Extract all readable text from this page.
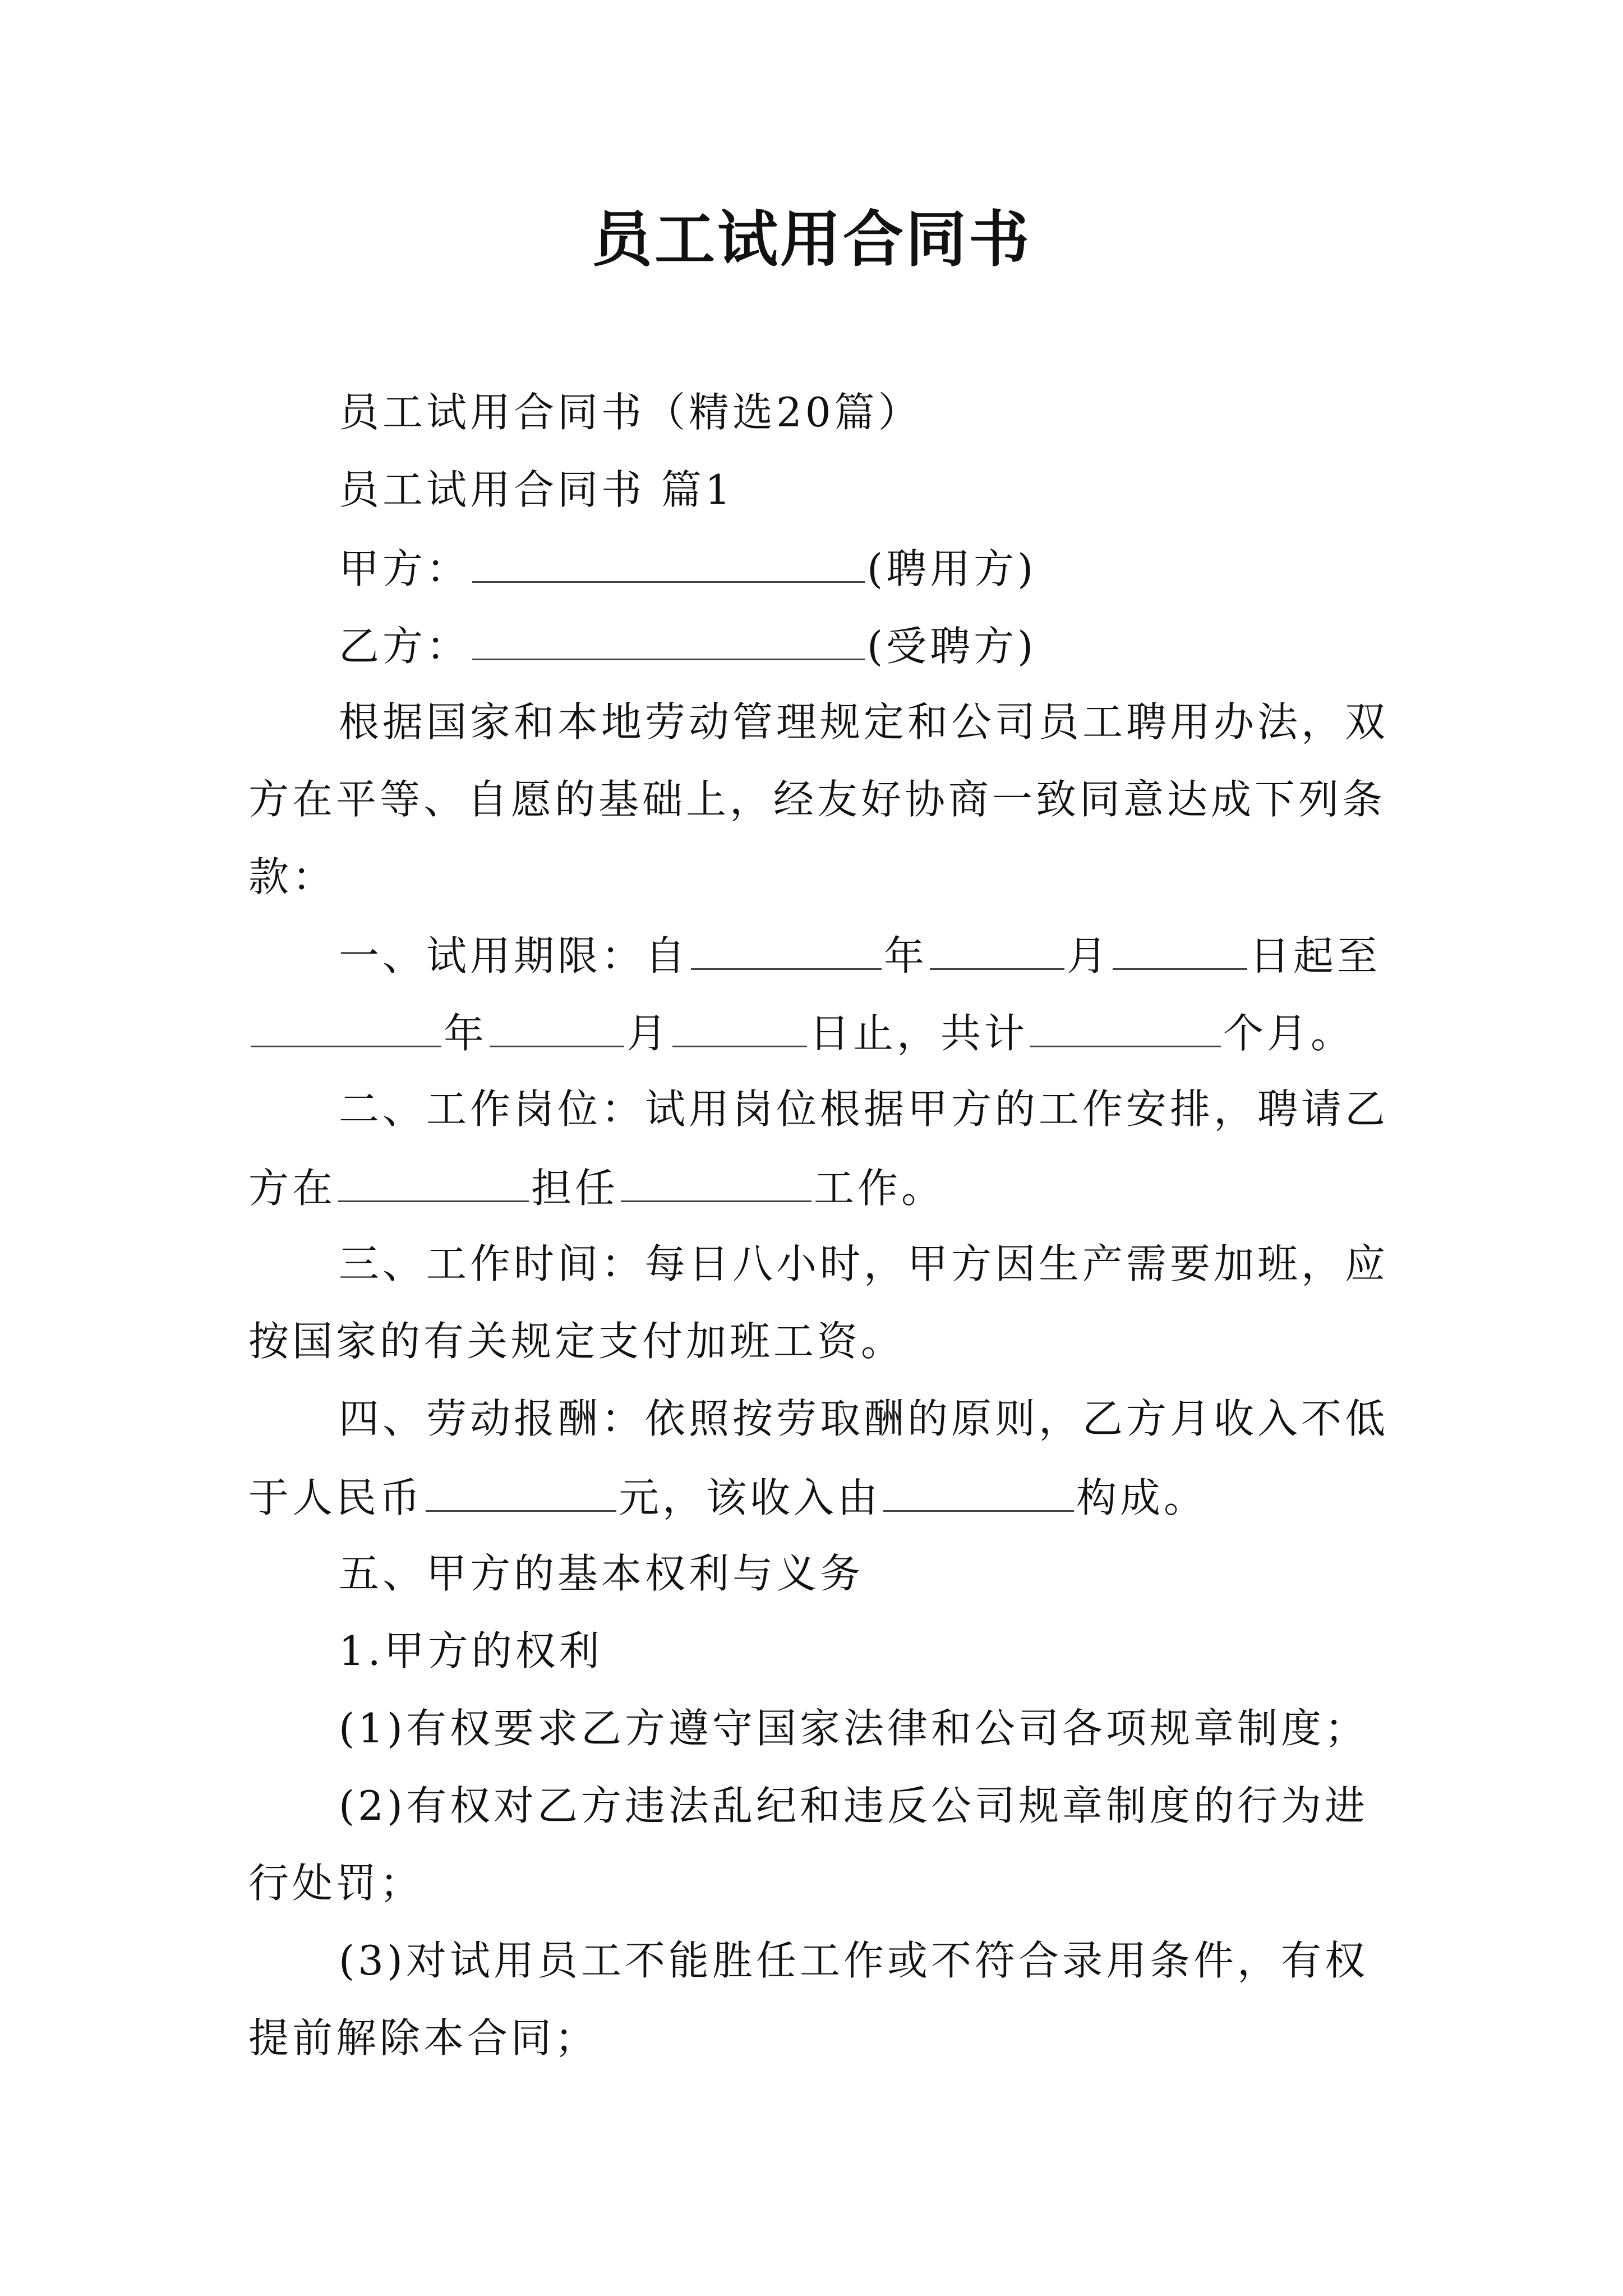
员工试用合同书
员工试用合同书（精选20篇）
员工试用合同书 篇1
甲方：	(聘用方)
乙方：	(受聘方)
根据国家和本地劳动管理规定和公司员工聘用办法，双
方在平等、自愿的基础上，经友好协商一致同意达成下列条
款：
一、试用期限：自	年	月	日起至
年	月	日止，共计	个月。
二、工作岗位：试用岗位根据甲方的工作安排，聘请乙
方在	担任	工作。
三、工作时间：每日八小时，甲方因生产需要加班，应
按国家的有关规定支付加班工资。
四、劳动报酬：依照按劳取酬的原则，乙方月收入不低
于人民币	元，该收入由	构成。
五、甲方的基本权利与义务
1.甲方的权利
(1)有权要求乙方遵守国家法律和公司各项规章制度；
(2)有权对乙方违法乱纪和违反公司规章制度的行为进
行处罚；
(3)对试用员工不能胜任工作或不符合录用条件，有权
提前解除本合同；
